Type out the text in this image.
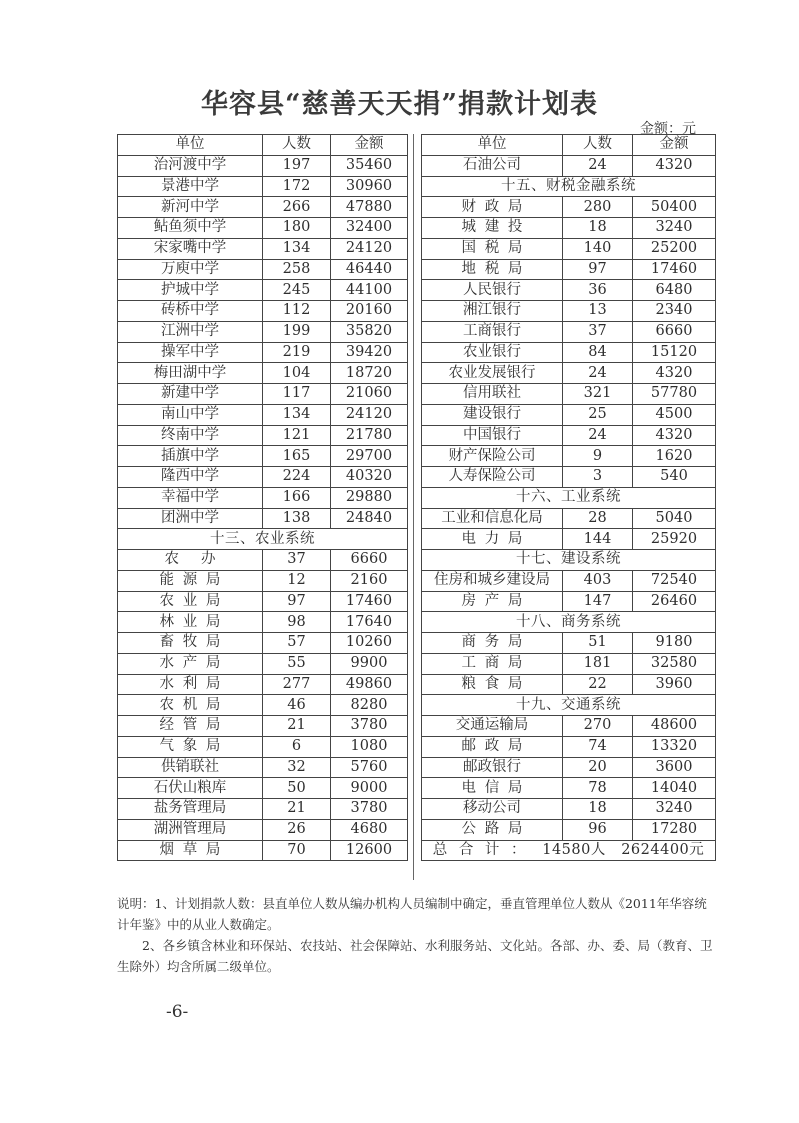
华容县“慈善天天捐”捐款计划表
金额：元
单位	人数	金额
治河渡中学	197	35460
景港中学	172	30960
新河中学	266	47880
鲇鱼须中学	180	32400
宋家嘴中学	134	24120
万庾中学	258	46440
护城中学	245	44100
砖桥中学	112	20160
江洲中学	199	35820
操军中学	219	39420
梅田湖中学	104	18720
新建中学	117	21060
南山中学	134	24120
终南中学	121	21780
插旗中学	165	29700
隆西中学	224	40320
幸福中学	166	29880
团洲中学	138	24840
十三、农业系统		
农 办	37	6660
能源局	12	2160
农业局	97	17460
林业局	98	17640
畜牧局	57	10260
水产局	55	9900
水利局	277	49860
农机局	46	8280
经管局	21	3780
气象局	6	1080
供销联社	32	5760
石伏山粮库	50	9000
盐务管理局	21	3780
湖洲管理局	26	4680
烟草局	70	12600
单位	人数	金额
石油公司	24	4320
十五、财税金融系统		
财政局	280	50400
城建投	18	3240
国税局	140	25200
地税局	97	17460
人民银行	36	6480
湘江银行	13	2340
工商银行	37	6660
农业银行	84	15120
农业发展银行	24	4320
信用联社	321	57780
建设银行	25	4500
中国银行	24	4320
财产保险公司	9	1620
人寿保险公司	3	540
十六、工业系统		
工业和信息化局	28	5040
电力局	144	25920
十七、建设系统		
住房和城乡建设局	403	72540
房产局	147	26460
十八、商务系统		
商务局	51	9180
工商局	181	32580
粮食局	22	3960
十九、交通系统		
交通运输局	270	48600
邮政局	74	13320
邮政银行	20	3600
电信局	78	14040
移动公司	18	3240
公路局	96	17280
总合计： 14580人 2624400元		

说明：1、计划捐款人数：县直单位人数从编办机构人员编制中确定，垂直管理单位人数从《2011年华容统计年鉴》中的从业人数确定。

2、各乡镇含林业和环保站、农技站、社会保障站、水利服务站、文化站。各部、办、委、局（教育、卫生除外）均含所属二级单位。

-6-
